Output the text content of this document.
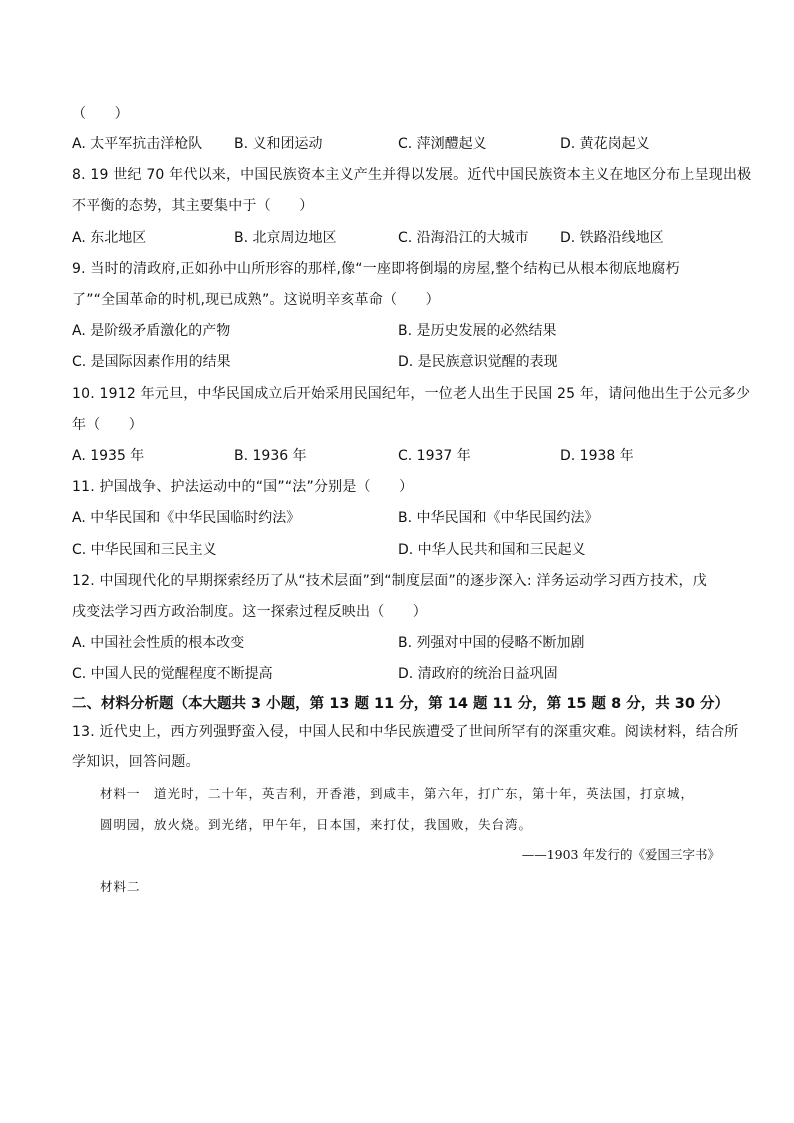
（　　）
A. 太平军抗击洋枪队 B. 义和团运动	C. 萍浏醴起义	D. 黄花岗起义
8. 19 世纪 70 年代以来，中国民族资本主义产生并得以发展。近代中国民族资本主义在地区分布上呈现出极
不平衡的态势，其主要集中于（　　）
A. 东北地区	B. 北京周边地区	C. 沿海沿江的大城市 D. 铁路沿线地区
9. 当时的清政府,正如孙中山所形容的那样,像“一座即将倒塌的房屋,整个结构已从根本彻底地腐朽
了”“全国革命的时机,现已成熟”。这说明辛亥革命（　　）
A. 是阶级矛盾激化的产物	B. 是历史发展的必然结果
C. 是国际因素作用的结果	D. 是民族意识觉醒的表现
10. 1912 年元旦，中华民国成立后开始采用民国纪年，一位老人出生于民国 25 年，请问他出生于公元多少
年（　　）
A. 1935 年	B. 1936 年	C. 1937 年	D. 1938 年
11. 护国战争、护法运动中的“国”“法”分别是（　　）
A. 中华民国和《中华民国临时约法》	B. 中华民国和《中华民国约法》
C. 中华民国和三民主义	D. 中华人民共和国和三民起义
12. 中国现代化的早期探索经历了从“技术层面”到“制度层面”的逐步深入: 洋务运动学习西方技术，戊
戌变法学习西方政治制度。这一探索过程反映出（　　）
A. 中国社会性质的根本改变	B. 列强对中国的侵略不断加剧
C. 中国人民的觉醒程度不断提高	D. 清政府的统治日益巩固
二、材料分析题（本大题共 3 小题，第 13 题 11 分，第 14 题 11 分，第 15 题 8 分，共 30 分）
13. 近代史上，西方列强野蛮入侵，中国人民和中华民族遭受了世间所罕有的深重灾难。阅读材料，结合所
学知识，回答问题。
材料一　道光时，二十年，英吉利，开香港，到咸丰，第六年，打广东，第十年，英法国，打京城，
圆明园，放火烧。到光绪，甲午年，日本国，来打仗，我国败，失台湾。
——1903 年发行的《爱国三字书》
材料二
